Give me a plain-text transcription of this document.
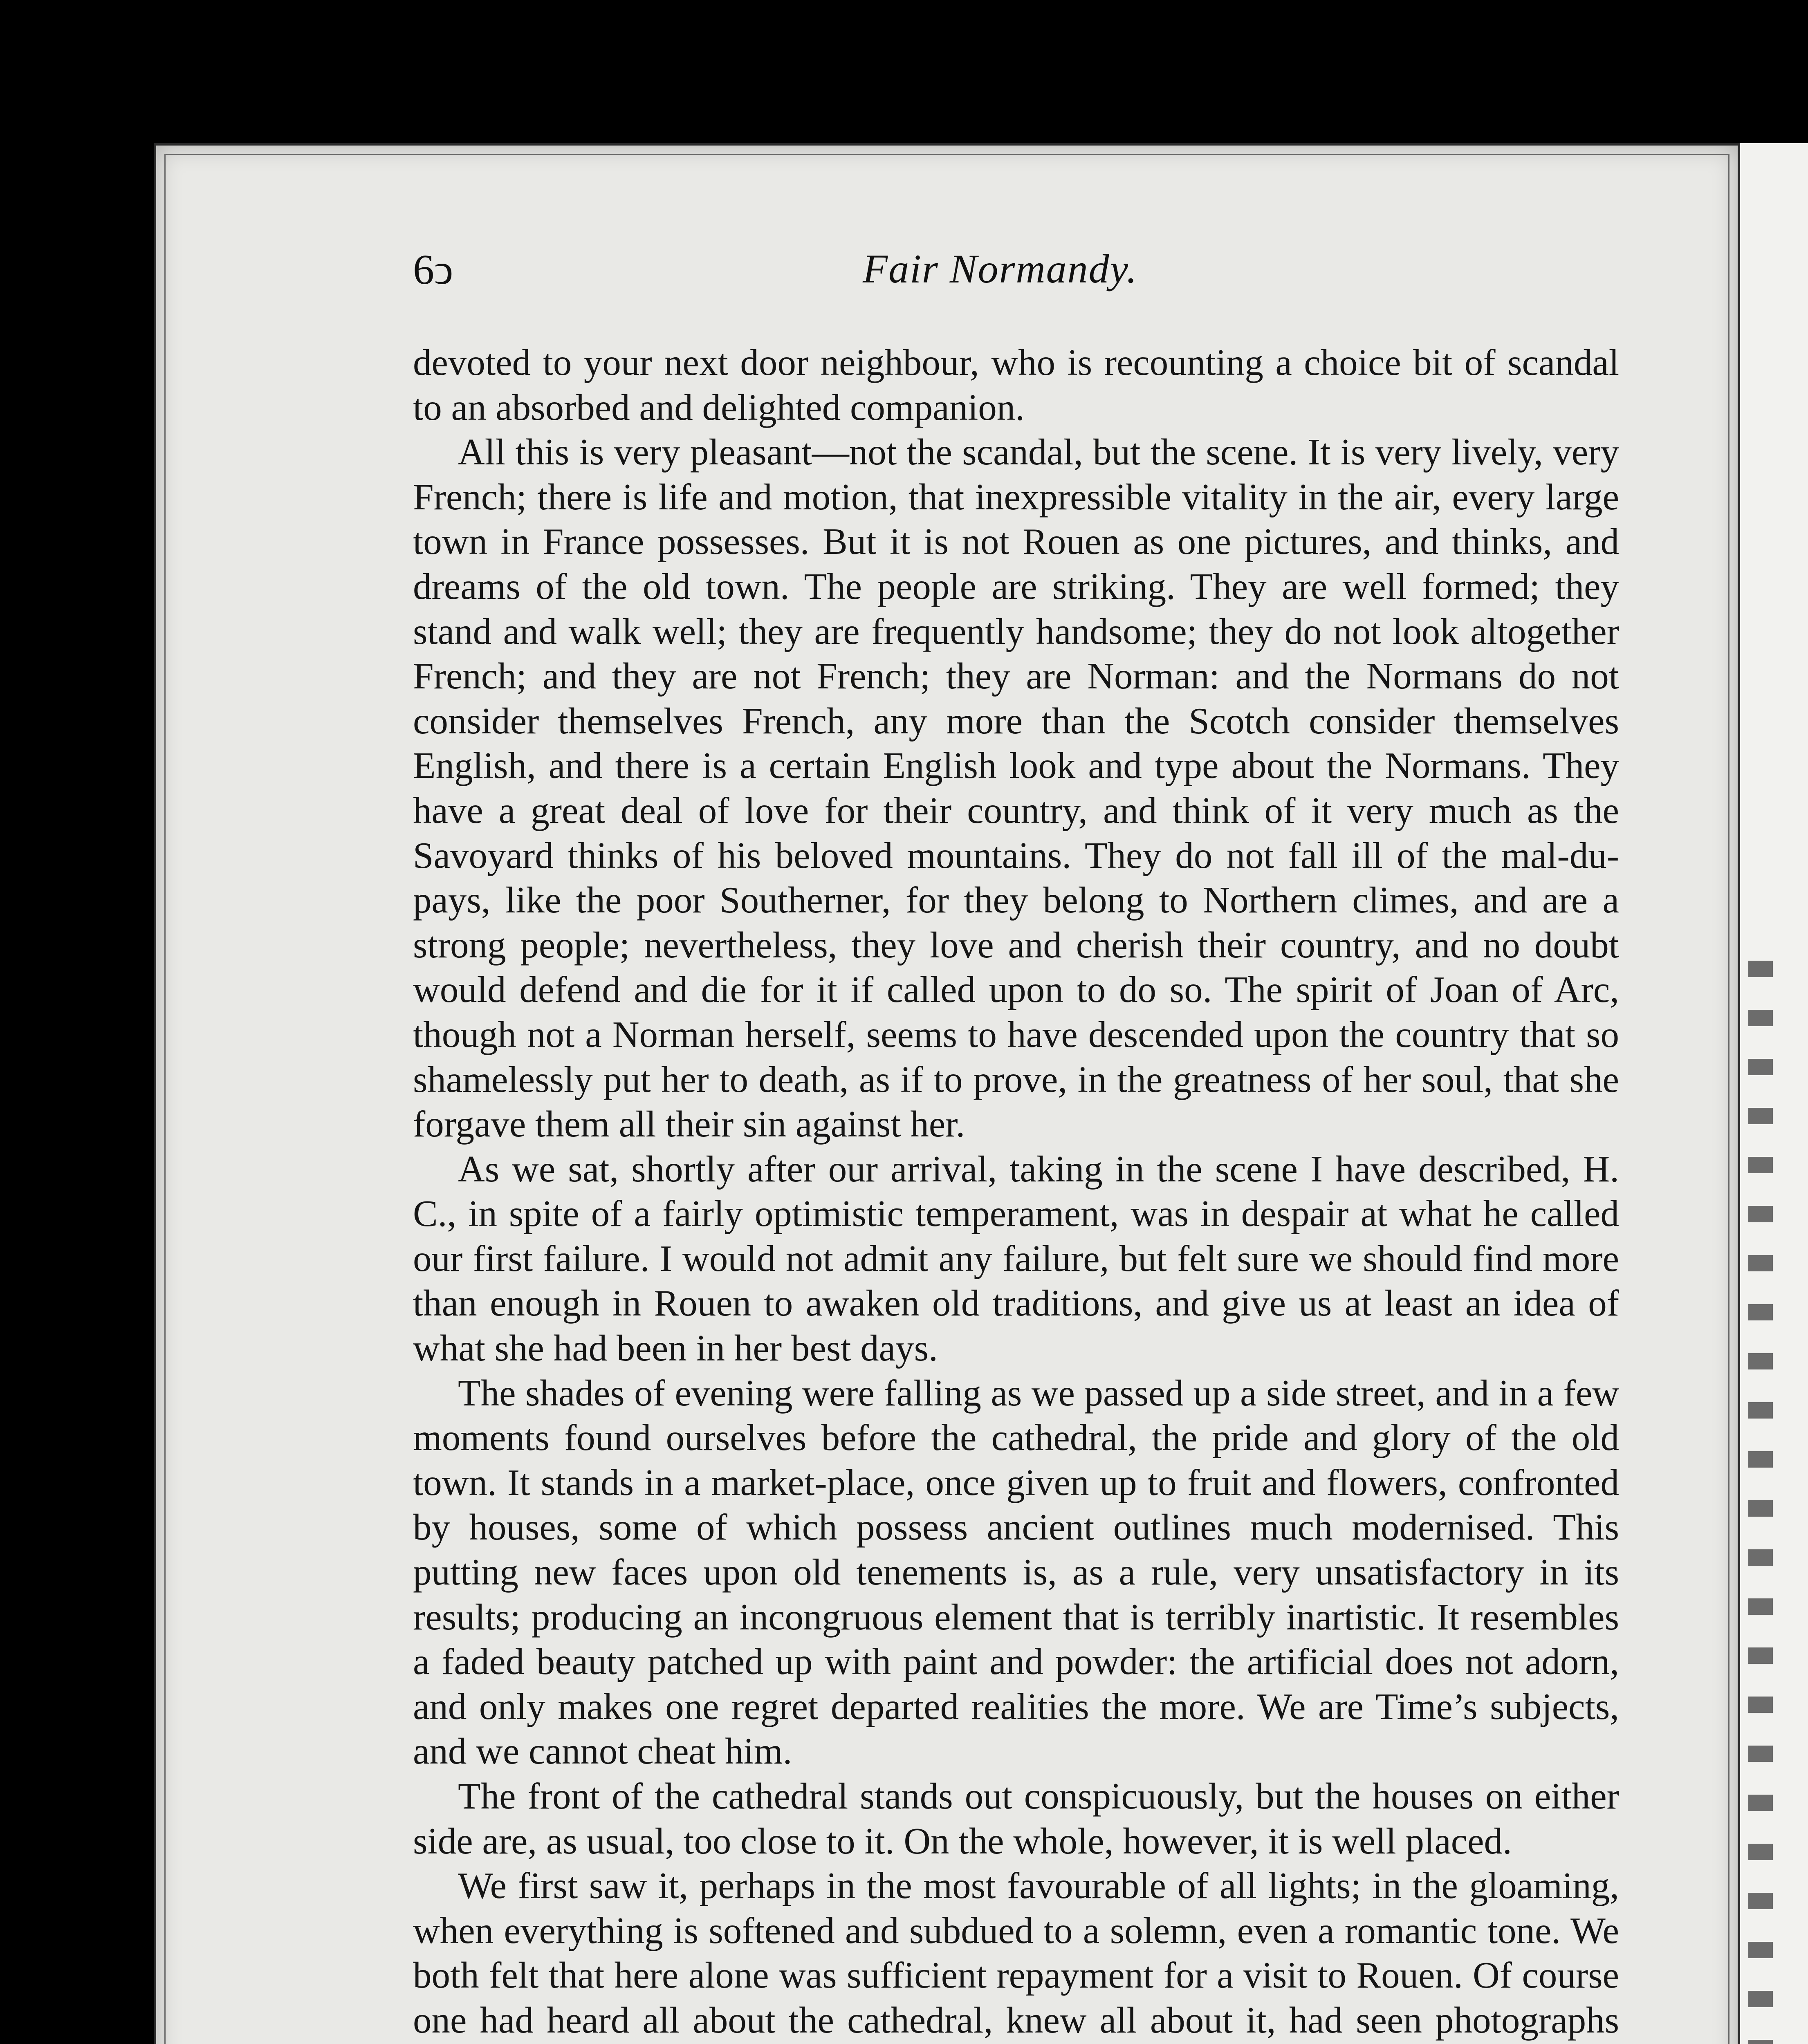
6ↄ	Fair Normandy.

devoted to your next door neighbour, who is recounting a choice bit of scandal to an absorbed and delighted companion.

All this is very pleasant—not the scandal, but the scene. It is very lively, very French; there is life and motion, that inexpressible vitality in the air, every large town in France possesses. But it is not Rouen as one pictures, and thinks, and dreams of the old town. The people are striking. They are well formed; they stand and walk well; they are frequently handsome; they do not look altogether French; and they are not French; they are Norman: and the Normans do not consider themselves French, any more than the Scotch consider themselves English, and there is a certain English look and type about the Normans. They have a great deal of love for their country, and think of it very much as the Savoyard thinks of his beloved mountains. They do not fall ill of the mal-du-pays, like the poor Southerner, for they belong to Northern climes, and are a strong people; nevertheless, they love and cherish their country, and no doubt would defend and die for it if called upon to do so. The spirit of Joan of Arc, though not a Norman herself, seems to have descended upon the country that so shamelessly put her to death, as if to prove, in the greatness of her soul, that she forgave them all their sin against her.

As we sat, shortly after our arrival, taking in the scene I have described, H. C., in spite of a fairly optimistic temperament, was in despair at what he called our first failure. I would not admit any failure, but felt sure we should find more than enough in Rouen to awaken old traditions, and give us at least an idea of what she had been in her best days.

The shades of evening were falling as we passed up a side street, and in a few moments found ourselves before the cathedral, the pride and glory of the old town. It stands in a market-place, once given up to fruit and flowers, confronted by houses, some of which possess ancient outlines much modernised. This putting new faces upon old tenements is, as a rule, very unsatisfactory in its results; producing an incongruous element that is terribly inartistic. It resembles a faded beauty patched up with paint and powder: the artificial does not adorn, and only makes one regret departed realities the more. We are Time’s subjects, and we cannot cheat him.

The front of the cathedral stands out conspicuously, but the houses on either side are, as usual, too close to it. On the whole, however, it is well placed.

We first saw it, perhaps in the most favourable of all lights; in the gloaming, when everything is softened and subdued to a solemn, even a romantic tone. We both felt that here alone was sufficient repayment for a visit to Rouen. Of course one had heard all about the cathedral, knew all about it, had seen photographs
